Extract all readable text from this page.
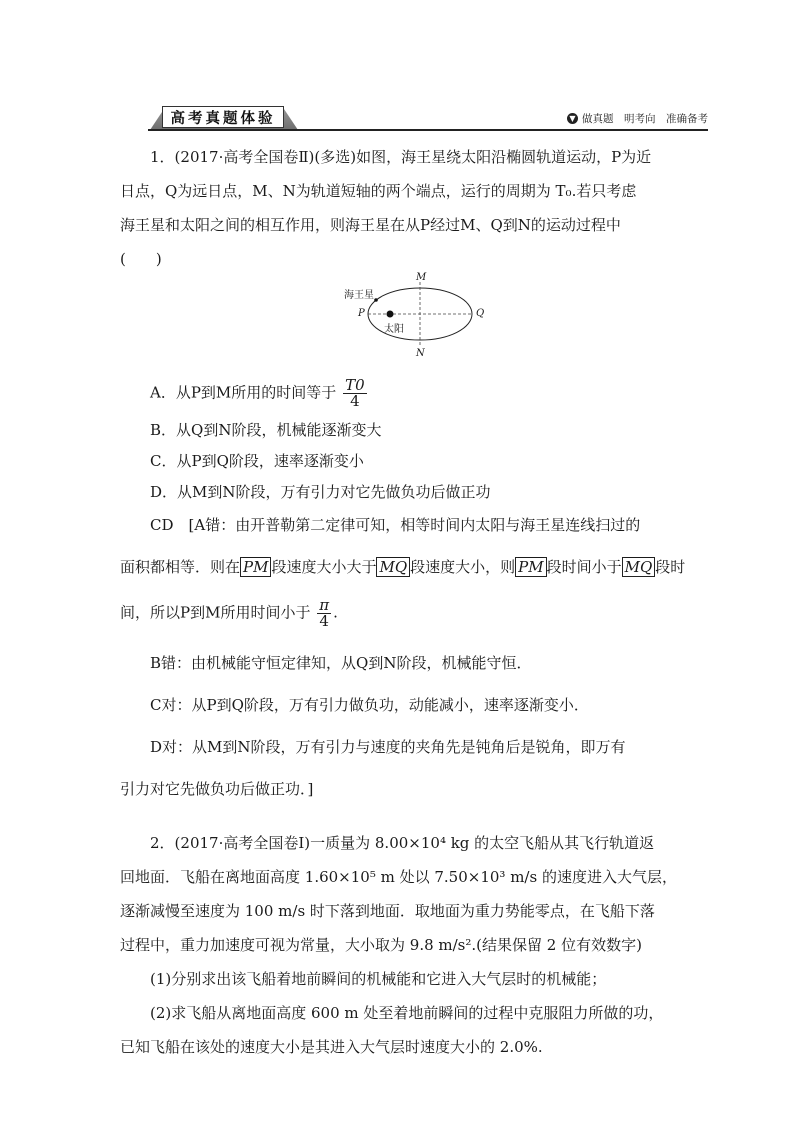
高考真题体验	▼ 做真题　明考向　准确备考
1．(2017·高考全国卷Ⅱ)(多选)如图，海王星绕太阳沿椭圆轨道运动，P为近
日点，Q为远日点，M、N为轨道短轴的两个端点，运行的周期为 T₀.若只考虑
海王星和太阳之间的相互作用，则海王星在从P经过M、Q到N的运动过程中
(　　)
海王星
太阳
P	Q
M
N
A．从P到M所用的时间等于 $\frac{T0}{4}$
B．从Q到N阶段，机械能逐渐变大
C．从P到Q阶段，速率逐渐变小
D．从M到N阶段，万有引力对它先做负功后做正功
CD　[A错：由开普勒第二定律可知，相等时间内太阳与海王星连线扫过的
面积都相等．则在 $\overline{PM}$ 段速度大小大于 $\overline{MQ}$ 段速度大小，则 $\overline{PM}$ 段时间小于 $\overline{MQ}$ 段时
间，所以P到M所用时间小于 $\frac{\pi}{4}$ .
B错：由机械能守恒定律知，从Q到N阶段，机械能守恒．
C对：从P到Q阶段，万有引力做负功，动能减小，速率逐渐变小．
D对：从M到N阶段，万有引力与速度的夹角先是钝角后是锐角，即万有
引力对它先做负功后做正功．]
2．(2017·高考全国卷Ⅰ)一质量为 8.00×10⁴ kg 的太空飞船从其飞行轨道返
回地面．飞船在离地面高度 1.60×10⁵ m 处以 7.50×10³ m/s 的速度进入大气层，
逐渐减慢至速度为 100 m/s 时下落到地面．取地面为重力势能零点，在飞船下落
过程中，重力加速度可视为常量，大小取为 9.8 m/s².(结果保留 2 位有效数字)
(1)分别求出该飞船着地前瞬间的机械能和它进入大气层时的机械能；
(2)求飞船从离地面高度 600 m 处至着地前瞬间的过程中克服阻力所做的功，
已知飞船在该处的速度大小是其进入大气层时速度大小的 2.0%.
